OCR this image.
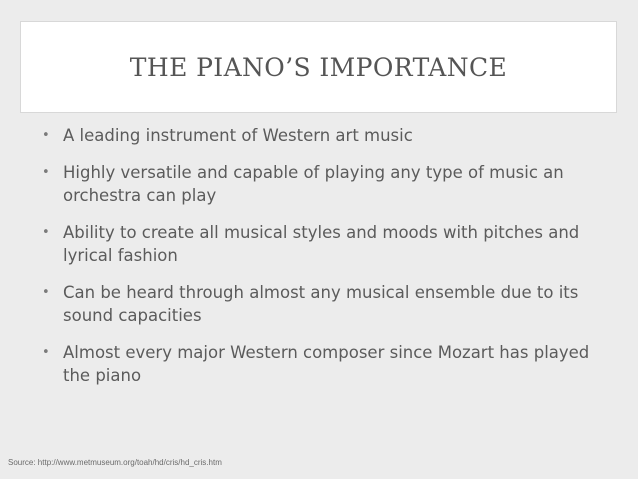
THE PIANO’S IMPORTANCE
• A leading instrument of Western art music
• Highly versatile and capable of playing any type of music an orchestra can play
• Ability to create all musical styles and moods with pitches and lyrical fashion
• Can be heard through almost any musical ensemble due to its sound capacities
• Almost every major Western composer since Mozart has played the piano
Source: http://www.metmuseum.org/toah/hd/cris/hd_cris.htm
